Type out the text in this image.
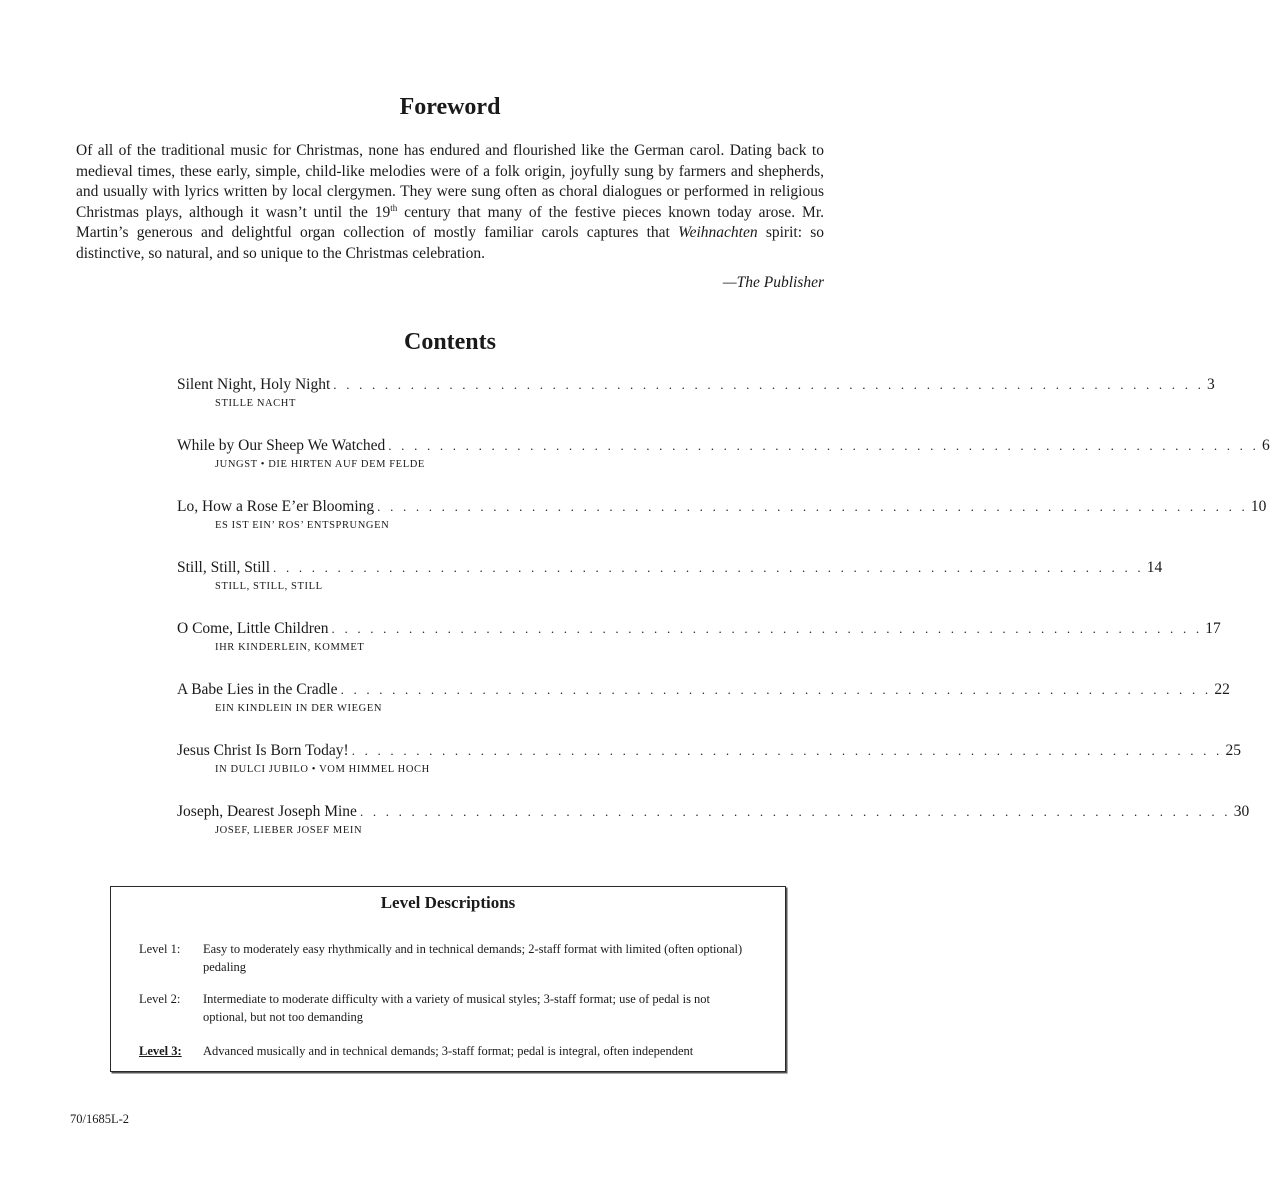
Foreword

Of all of the traditional music for Christmas, none has endured and flourished like the German carol. Dating back to medieval times, these early, simple, child-like melodies were of a folk origin, joyfully sung by farmers and shepherds, and usually with lyrics written by local clergymen. They were sung often as choral dialogues or performed in religious Christmas plays, although it wasn’t until the 19th century that many of the festive pieces known today arose. Mr. Martin’s generous and delightful organ collection of mostly familiar carols captures that Weihnachten spirit: so distinctive, so natural, and so unique to the Christmas celebration.

—The Publisher

Contents
Silent Night, Holy Night . . . . . . . . . . . . . . . . . . . . . . . . . . . . . . . . . . . . . . . . . . . . . . . . . . . . . . . . . . . . . . . . . . . . 3
STILLE NACHT
While by Our Sheep We Watched . . . . . . . . . . . . . . . . . . . . . . . . . . . . . . . . . . . . . . . . . . . . . . . . . . . . . . . . . . . . . . . . . . . . 6
JUNGST • DIE HIRTEN AUF DEM FELDE
Lo, How a Rose E’er Blooming . . . . . . . . . . . . . . . . . . . . . . . . . . . . . . . . . . . . . . . . . . . . . . . . . . . . . . . . . . . . . . . . . . . . 10
ES IST EIN’ ROS’ ENTSPRUNGEN
Still, Still, Still . . . . . . . . . . . . . . . . . . . . . . . . . . . . . . . . . . . . . . . . . . . . . . . . . . . . . . . . . . . . . . . . . . . . 14
STILL, STILL, STILL
O Come, Little Children . . . . . . . . . . . . . . . . . . . . . . . . . . . . . . . . . . . . . . . . . . . . . . . . . . . . . . . . . . . . . . . . . . . . 17
IHR KINDERLEIN, KOMMET
A Babe Lies in the Cradle . . . . . . . . . . . . . . . . . . . . . . . . . . . . . . . . . . . . . . . . . . . . . . . . . . . . . . . . . . . . . . . . . . . . 22
EIN KINDLEIN IN DER WIEGEN
Jesus Christ Is Born Today! . . . . . . . . . . . . . . . . . . . . . . . . . . . . . . . . . . . . . . . . . . . . . . . . . . . . . . . . . . . . . . . . . . . . 25
IN DULCI JUBILO • VOM HIMMEL HOCH
Joseph, Dearest Joseph Mine . . . . . . . . . . . . . . . . . . . . . . . . . . . . . . . . . . . . . . . . . . . . . . . . . . . . . . . . . . . . . . . . . . . . 30
JOSEF, LIEBER JOSEF MEIN
Level Descriptions
Level 1:	Easy to moderately easy rhythmically and in technical demands; 2-staff format with limited (often optional) pedaling
Level 2:	Intermediate to moderate difficulty with a variety of musical styles; 3-staff format; use of pedal is not optional, but not too demanding
Level 3:	Advanced musically and in technical demands; 3-staff format; pedal is integral, often independent

70/1685L-2
